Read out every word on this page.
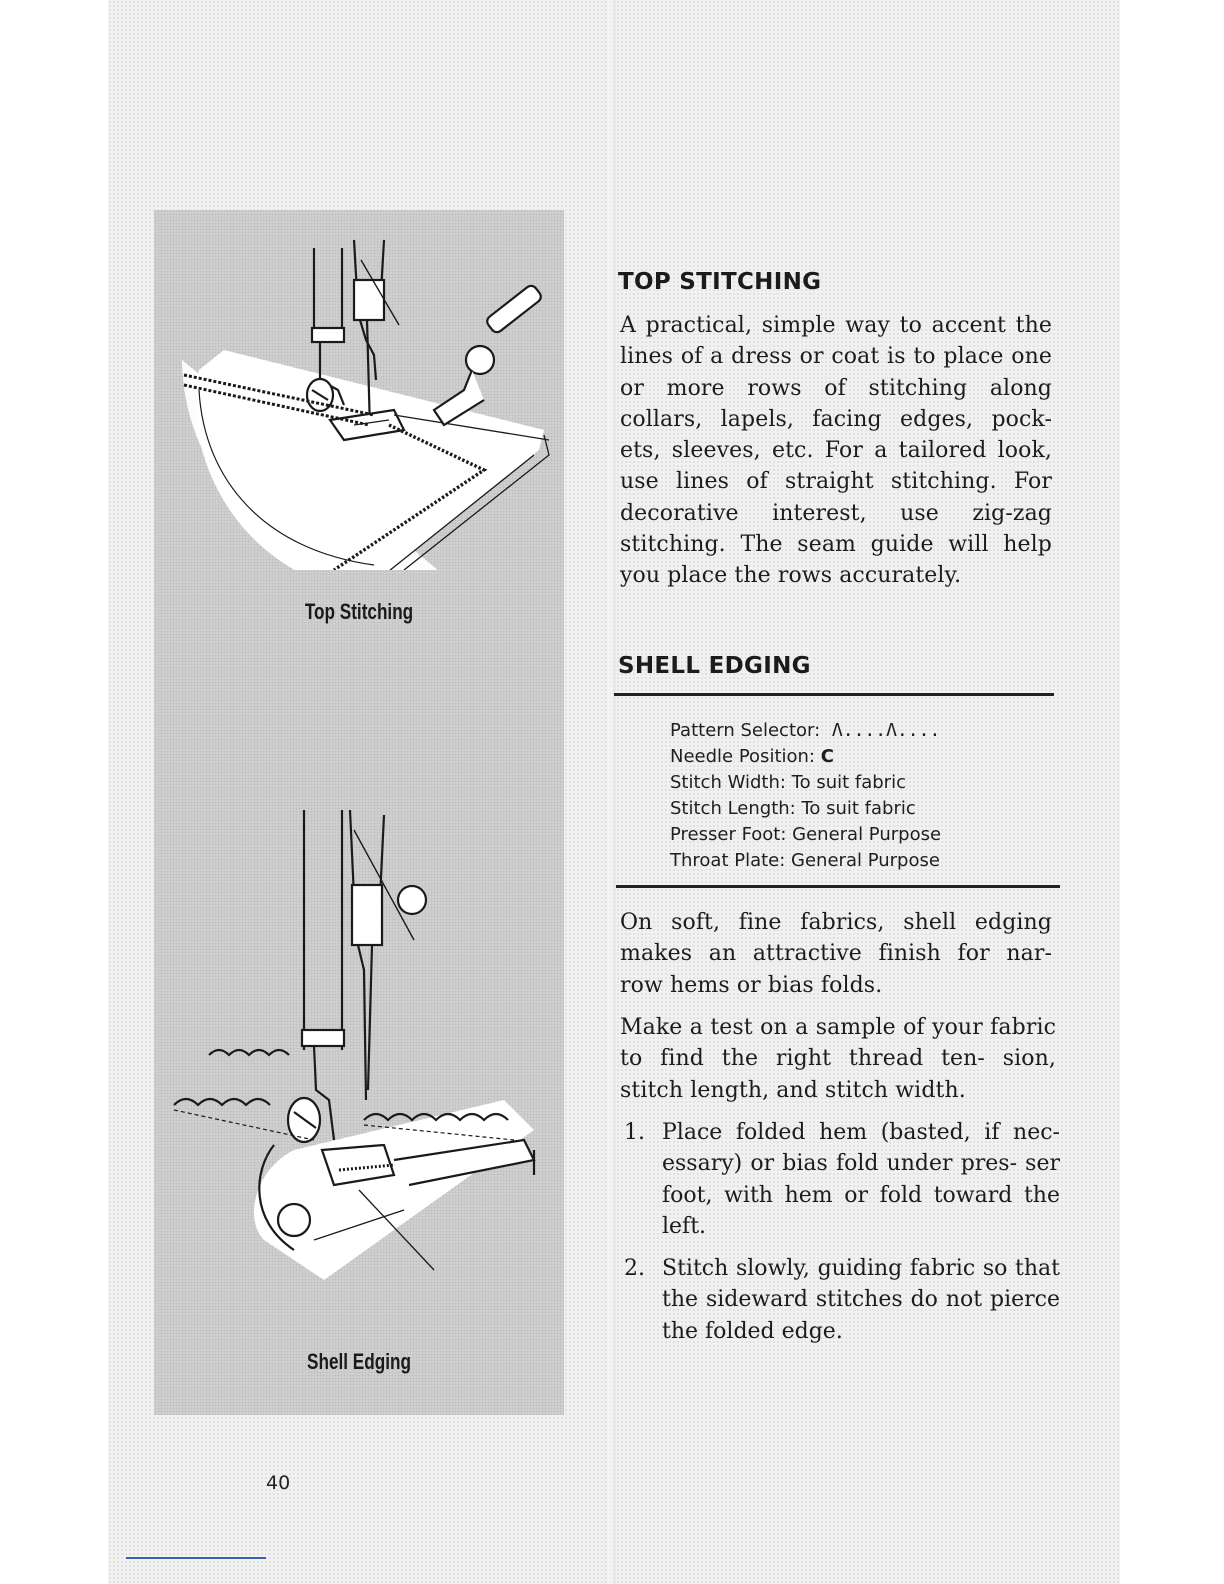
Top Stitching
Shell Edging
TOP STITCHING
A practical, simple way to accent the lines of a dress or coat is to place one or more rows of stitching along collars, lapels, facing edges, pock- ets, sleeves, etc. For a tailored look, use lines of straight stitching. For decorative interest, use zig-zag stitching. The seam guide will help you place the rows accurately.
SHELL EDGING
Pattern Selector: Λ....Λ....
Needle Position: C
Stitch Width: To suit fabric
Stitch Length: To suit fabric
Presser Foot: General Purpose
Throat Plate: General Purpose
On soft, fine fabrics, shell edging makes an attractive finish for nar- row hems or bias folds.
Make a test on a sample of your fabric to find the right thread ten- sion, stitch length, and stitch width.
1. Place folded hem (basted, if nec- essary) or bias fold under pres- ser foot, with hem or fold toward the left.
2. Stitch slowly, guiding fabric so that the sideward stitches do not pierce the folded edge.
40
